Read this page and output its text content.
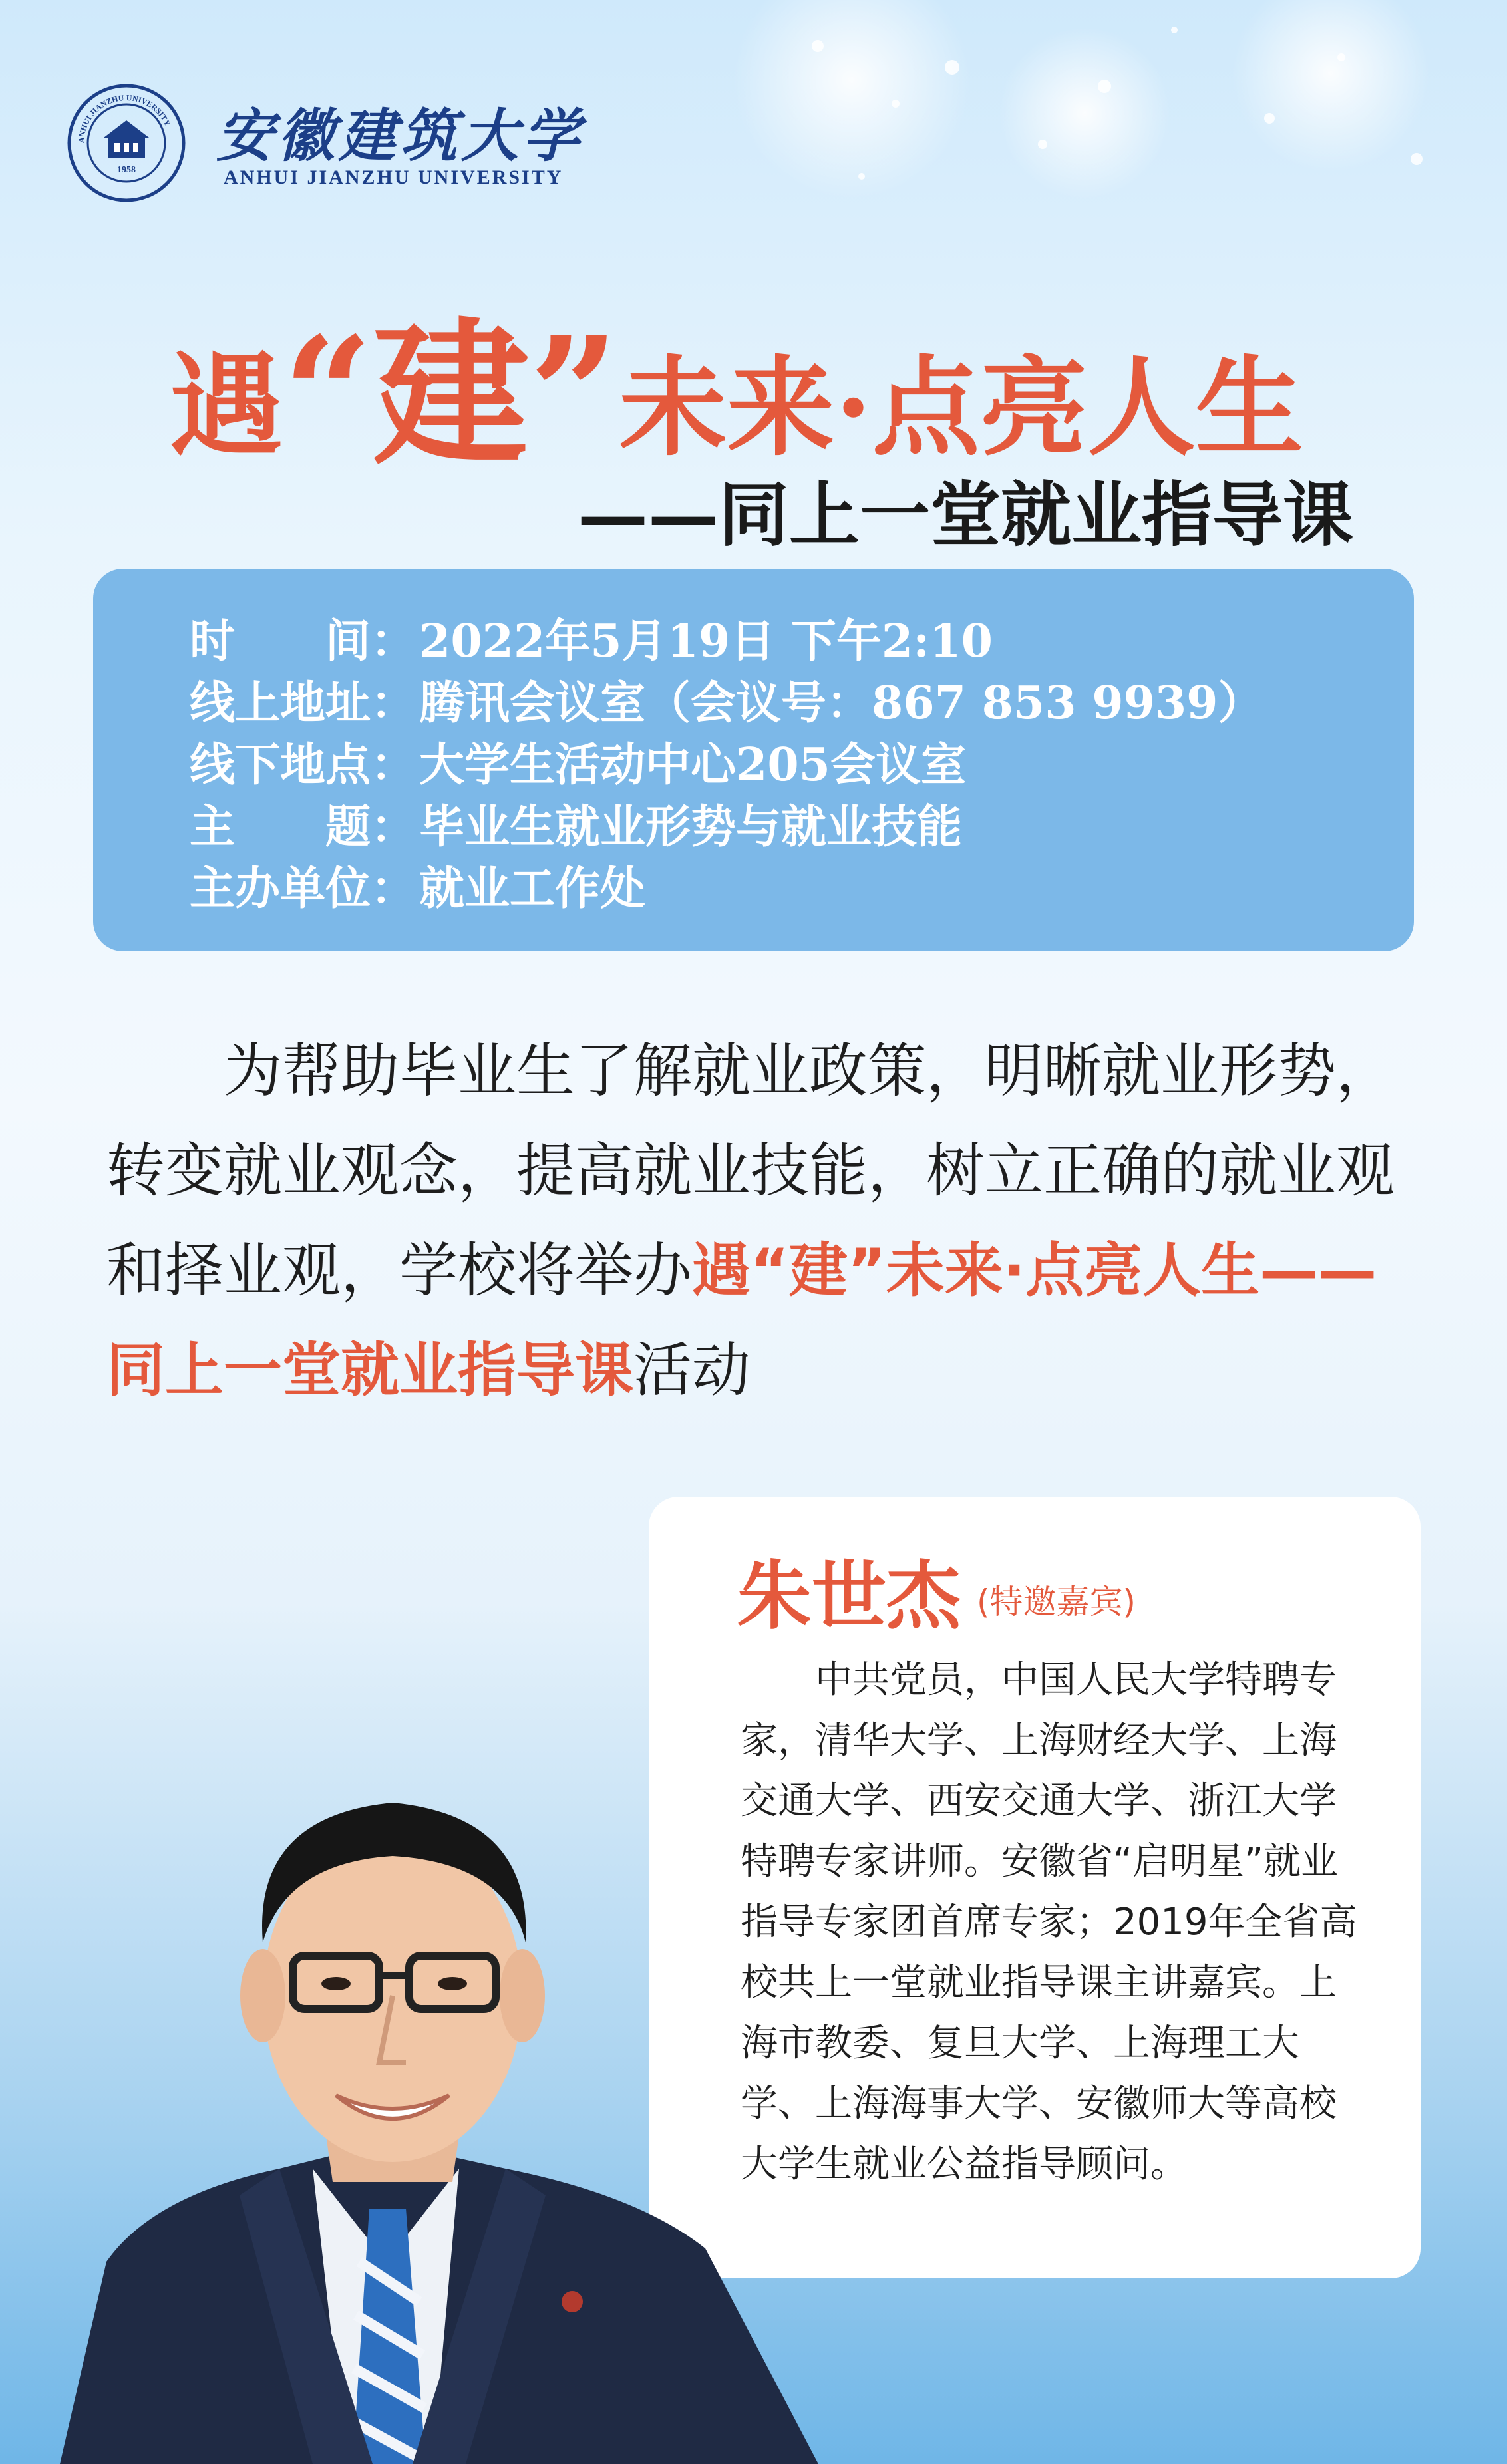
ANHUI JIANZHU UNIVERSITY
1958
安徽建筑大学
ANHUI JIANZHU UNIVERSITY
遇“建”未来·点亮人生
——同上一堂就业指导课
时　　间：2022年5月19日 下午2:10
线上地址：腾讯会议室（会议号：867 853 9939）
线下地点：大学生活动中心205会议室
主　　题：毕业生就业形势与就业技能
主办单位：就业工作处
为帮助毕业生了解就业政策，明晰就业形势，转变就业观念，提高就业技能，树立正确的就业观和择业观，学校将举办遇“建”未来·点亮人生——同上一堂就业指导课活动
朱世杰 (特邀嘉宾)
中共党员，中国人民大学特聘专家，清华大学、上海财经大学、上海交通大学、西安交通大学、浙江大学特聘专家讲师。安徽省“启明星”就业指导专家团首席专家；2019年全省高校共上一堂就业指导课主讲嘉宾。上海市教委、复旦大学、上海理工大学、上海海事大学、安徽师大等高校大学生就业公益指导顾问。
